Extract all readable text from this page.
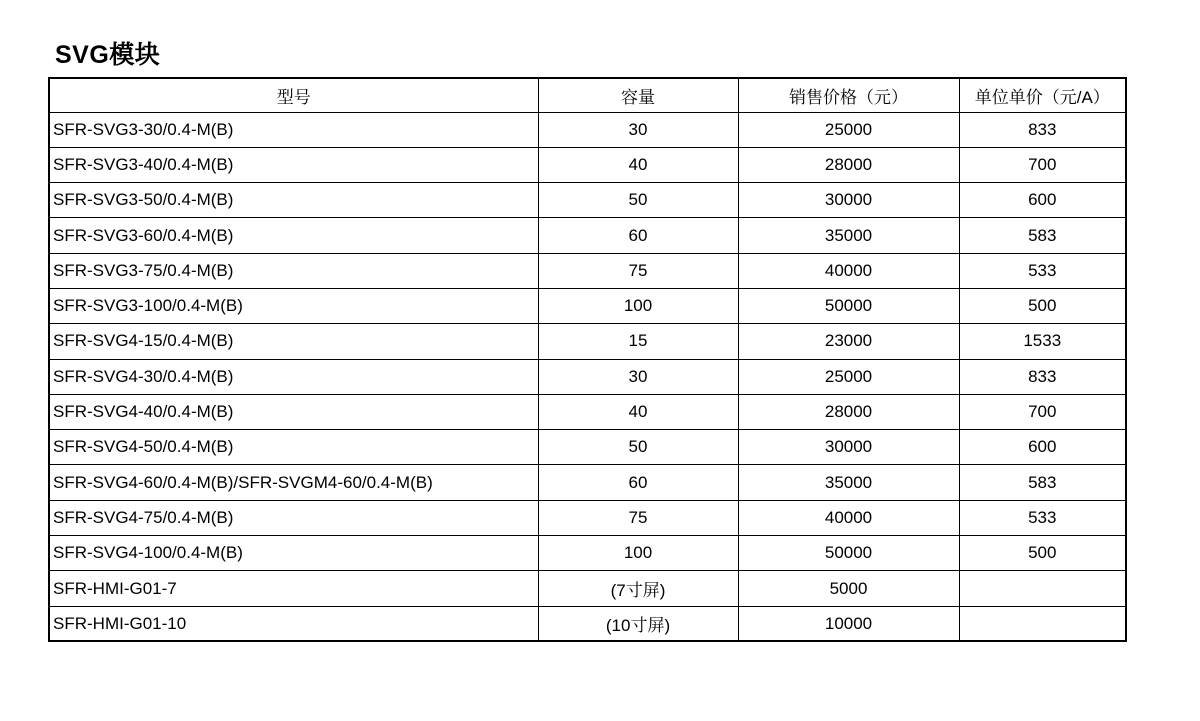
SVG模块
型号	容量	销售价格（元）	单位单价（元/A）
SFR-SVG3-30/0.4-M(B)	30	25000	833
SFR-SVG3-40/0.4-M(B)	40	28000	700
SFR-SVG3-50/0.4-M(B)	50	30000	600
SFR-SVG3-60/0.4-M(B)	60	35000	583
SFR-SVG3-75/0.4-M(B)	75	40000	533
SFR-SVG3-100/0.4-M(B)	100	50000	500
SFR-SVG4-15/0.4-M(B)	15	23000	1533
SFR-SVG4-30/0.4-M(B)	30	25000	833
SFR-SVG4-40/0.4-M(B)	40	28000	700
SFR-SVG4-50/0.4-M(B)	50	30000	600
SFR-SVG4-60/0.4-M(B)/SFR-SVGM4-60/0.4-M(B)	60	35000	583
SFR-SVG4-75/0.4-M(B)	75	40000	533
SFR-SVG4-100/0.4-M(B)	100	50000	500
SFR-HMI-G01-7	(7寸屏)	5000	
SFR-HMI-G01-10	(10寸屏)	10000	
